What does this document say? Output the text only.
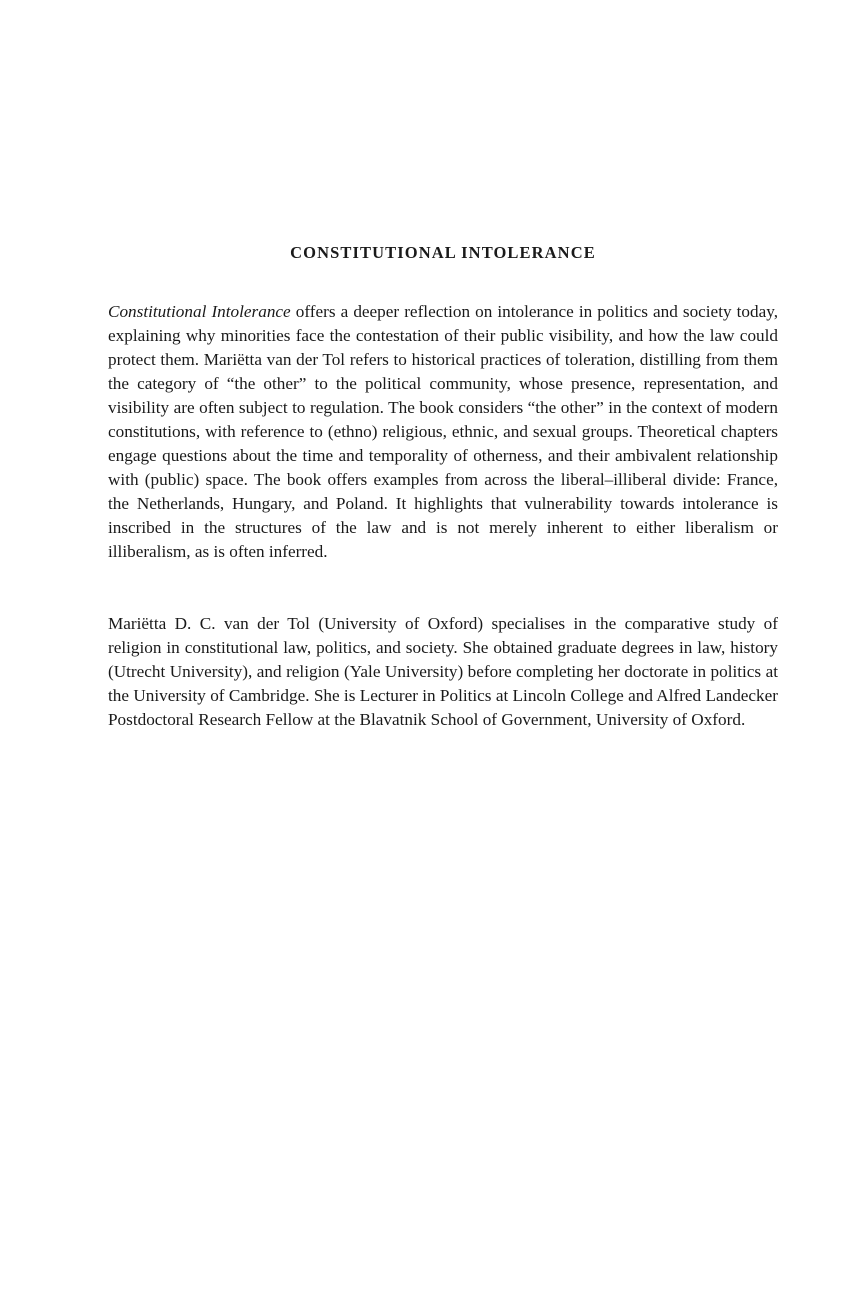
CONSTITUTIONAL INTOLERANCE

Constitutional Intolerance offers a deeper reflection on intolerance in politics and society today, explaining why minorities face the contestation of their public visibility, and how the law could protect them. Mariëtta van der Tol refers to historical practices of toleration, distilling from them the category of “the other” to the political community, whose presence, representation, and visibility are often subject to regulation. The book considers “the other” in the context of modern constitutions, with reference to (ethno) religious, ethnic, and sexual groups. Theoretical chapters engage questions about the time and temporality of otherness, and their ambivalent relationship with (public) space. The book offers examples from across the liberal–illiberal divide: France, the Netherlands, Hungary, and Poland. It highlights that vulnerability towards intolerance is inscribed in the structures of the law and is not merely inherent to either liberalism or illiberalism, as is often inferred.

Mariëtta D. C. van der Tol (University of Oxford) specialises in the comparative study of religion in constitutional law, politics, and society. She obtained graduate degrees in law, history (Utrecht University), and religion (Yale University) before completing her doctorate in politics at the University of Cambridge. She is Lecturer in Politics at Lincoln College and Alfred Landecker Postdoctoral Research Fellow at the Blavatnik School of Government, University of Oxford.
